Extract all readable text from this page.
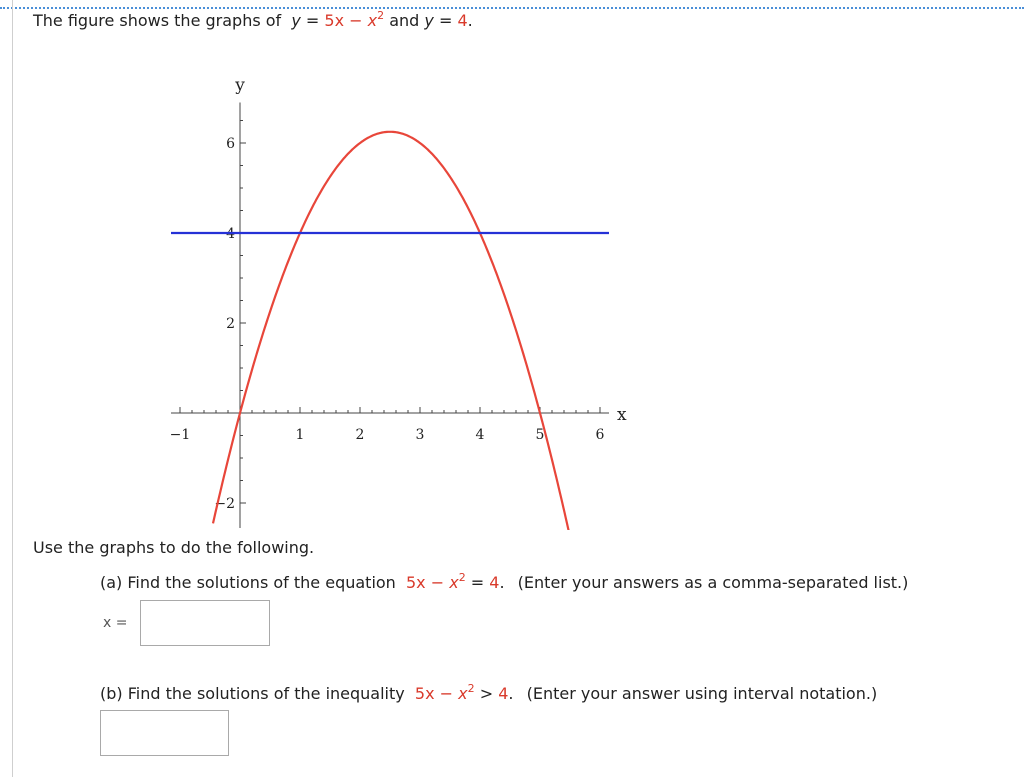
The figure shows the graphs of $y = 5x - x^2$ and y = 4.
−1	1	2	3	4	5	6
−2
2
4
6
x
y
Use the graphs to do the following.
(a) Find the solutions of the equation $5x - x^2 = 4$. (Enter your answers as a comma-separated list.)
x =
(b) Find the solutions of the inequality $5x - x^2 > 4$. (Enter your answer using interval notation.)
